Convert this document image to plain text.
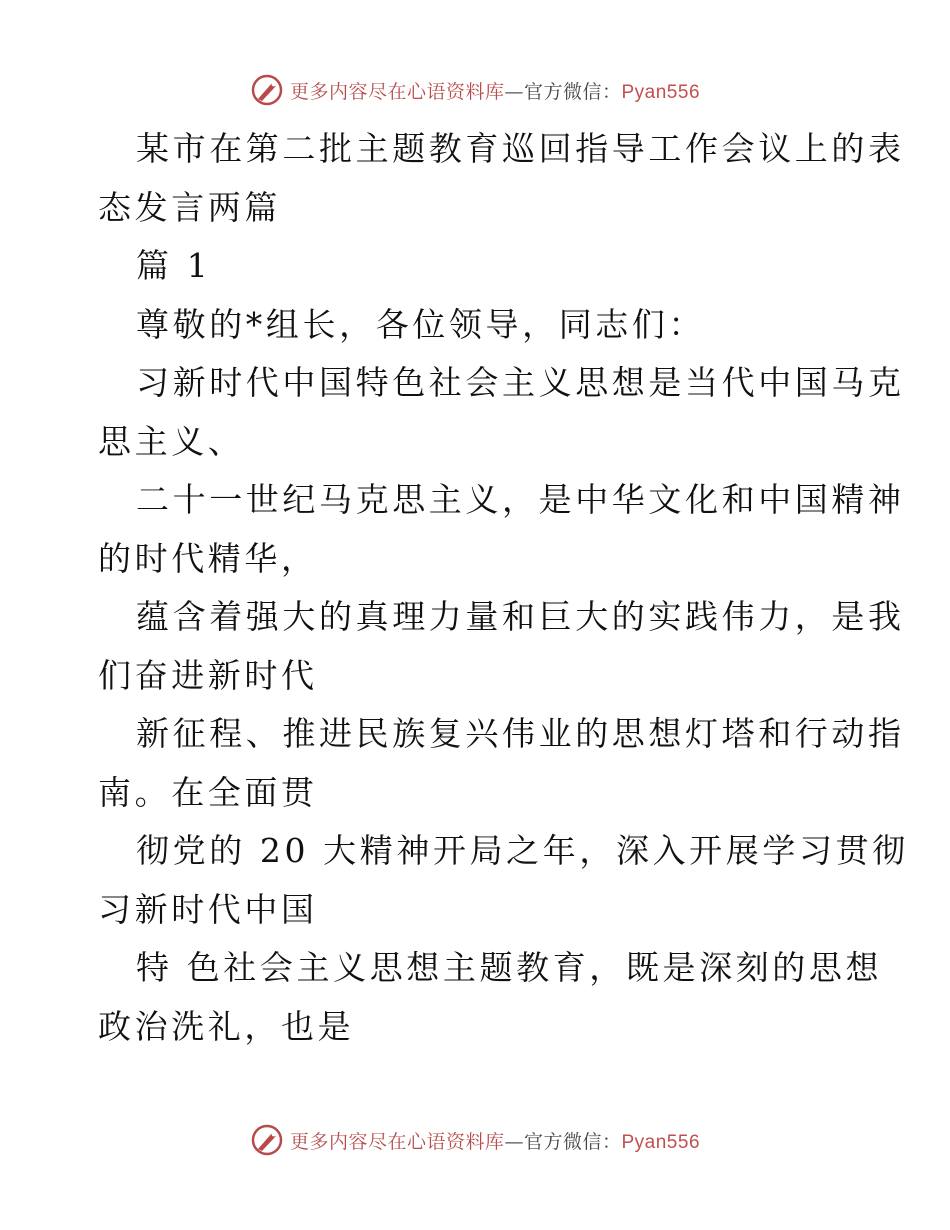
更多内容尽在心语资料库—官方微信：Pyan556
某市在第二批主题教育巡回指导工作会议上的表
态发言两篇
篇 1
尊敬的*组长，各位领导，同志们：
习新时代中国特色社会主义思想是当代中国马克
思主义、
二十一世纪马克思主义，是中华文化和中国精神
的时代精华，
蕴含着强大的真理力量和巨大的实践伟力，是我
们奋进新时代
新征程、推进民族复兴伟业的思想灯塔和行动指
南。在全面贯
彻党的 20 大精神开局之年，深入开展学习贯彻
习新时代中国
特 色社会主义思想主题教育，既是深刻的思想
政治洗礼，也是
更多内容尽在心语资料库—官方微信：Pyan556
